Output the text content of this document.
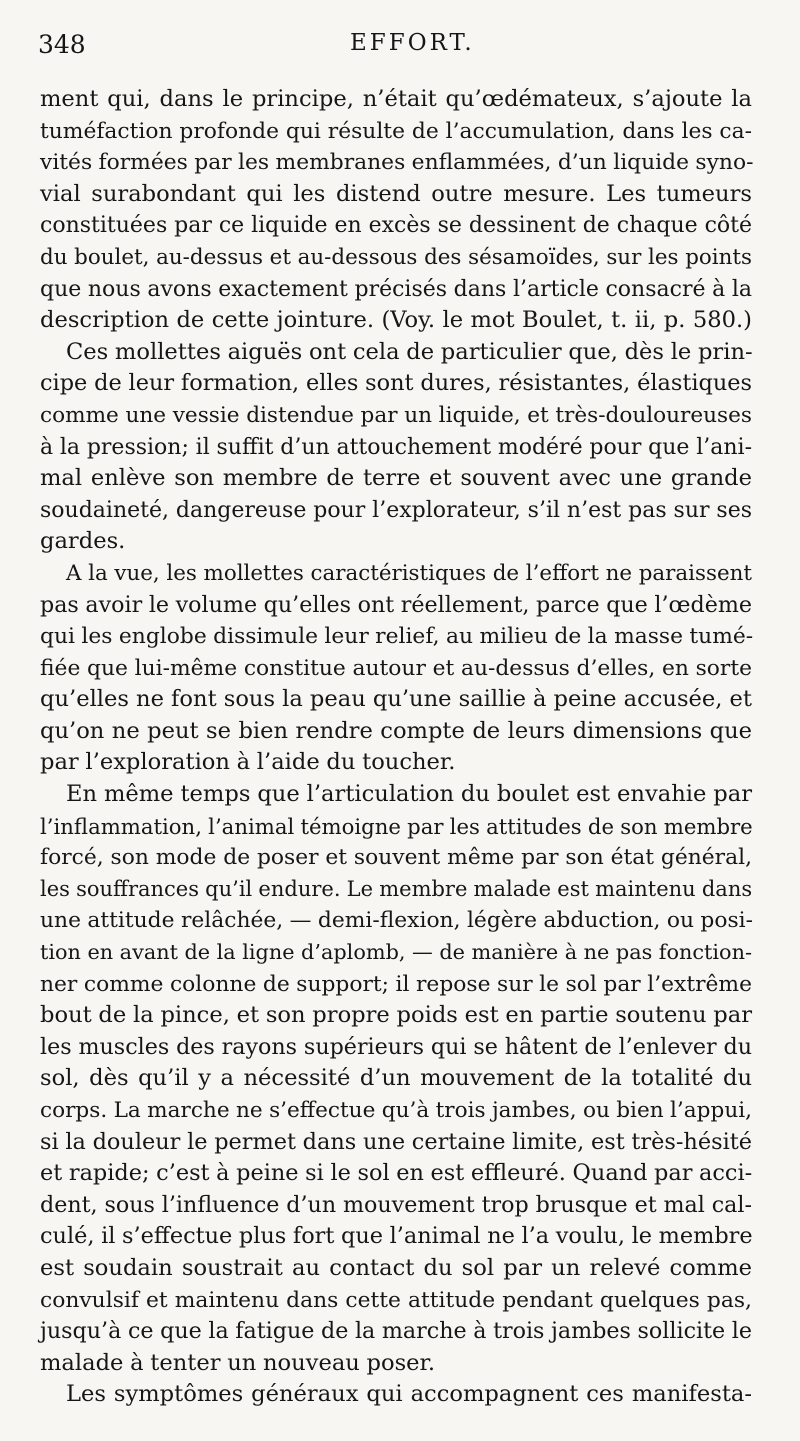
348	EFFORT.
ment qui, dans le principe, n’était qu’œdémateux, s’ajoute la
tuméfaction profonde qui résulte de l’accumulation, dans les ca-
vités formées par les membranes enflammées, d’un liquide syno-
vial surabondant qui les distend outre mesure. Les tumeurs
constituées par ce liquide en excès se dessinent de chaque côté
du boulet, au-dessus et au-dessous des sésamoïdes, sur les points
que nous avons exactement précisés dans l’article consacré à la
description de cette jointure. (Voy. le mot Boulet, t. ii, p. 580.)
Ces mollettes aiguës ont cela de particulier que, dès le prin-
cipe de leur formation, elles sont dures, résistantes, élastiques
comme une vessie distendue par un liquide, et très-douloureuses
à la pression; il suffit d’un attouchement modéré pour que l’ani-
mal enlève son membre de terre et souvent avec une grande
soudaineté, dangereuse pour l’explorateur, s’il n’est pas sur ses
gardes.
A la vue, les mollettes caractéristiques de l’effort ne paraissent
pas avoir le volume qu’elles ont réellement, parce que l’œdème
qui les englobe dissimule leur relief, au milieu de la masse tumé-
fiée que lui-même constitue autour et au-dessus d’elles, en sorte
qu’elles ne font sous la peau qu’une saillie à peine accusée, et
qu’on ne peut se bien rendre compte de leurs dimensions que
par l’exploration à l’aide du toucher.
En même temps que l’articulation du boulet est envahie par
l’inflammation, l’animal témoigne par les attitudes de son membre
forcé, son mode de poser et souvent même par son état général,
les souffrances qu’il endure. Le membre malade est maintenu dans
une attitude relâchée, — demi-flexion, légère abduction, ou posi-
tion en avant de la ligne d’aplomb, — de manière à ne pas fonction-
ner comme colonne de support; il repose sur le sol par l’extrême
bout de la pince, et son propre poids est en partie soutenu par
les muscles des rayons supérieurs qui se hâtent de l’enlever du
sol, dès qu’il y a nécessité d’un mouvement de la totalité du
corps. La marche ne s’effectue qu’à trois jambes, ou bien l’appui,
si la douleur le permet dans une certaine limite, est très-hésité
et rapide; c’est à peine si le sol en est effleuré. Quand par acci-
dent, sous l’influence d’un mouvement trop brusque et mal cal-
culé, il s’effectue plus fort que l’animal ne l’a voulu, le membre
est soudain soustrait au contact du sol par un relevé comme
convulsif et maintenu dans cette attitude pendant quelques pas,
jusqu’à ce que la fatigue de la marche à trois jambes sollicite le
malade à tenter un nouveau poser.
Les symptômes généraux qui accompagnent ces manifesta-
